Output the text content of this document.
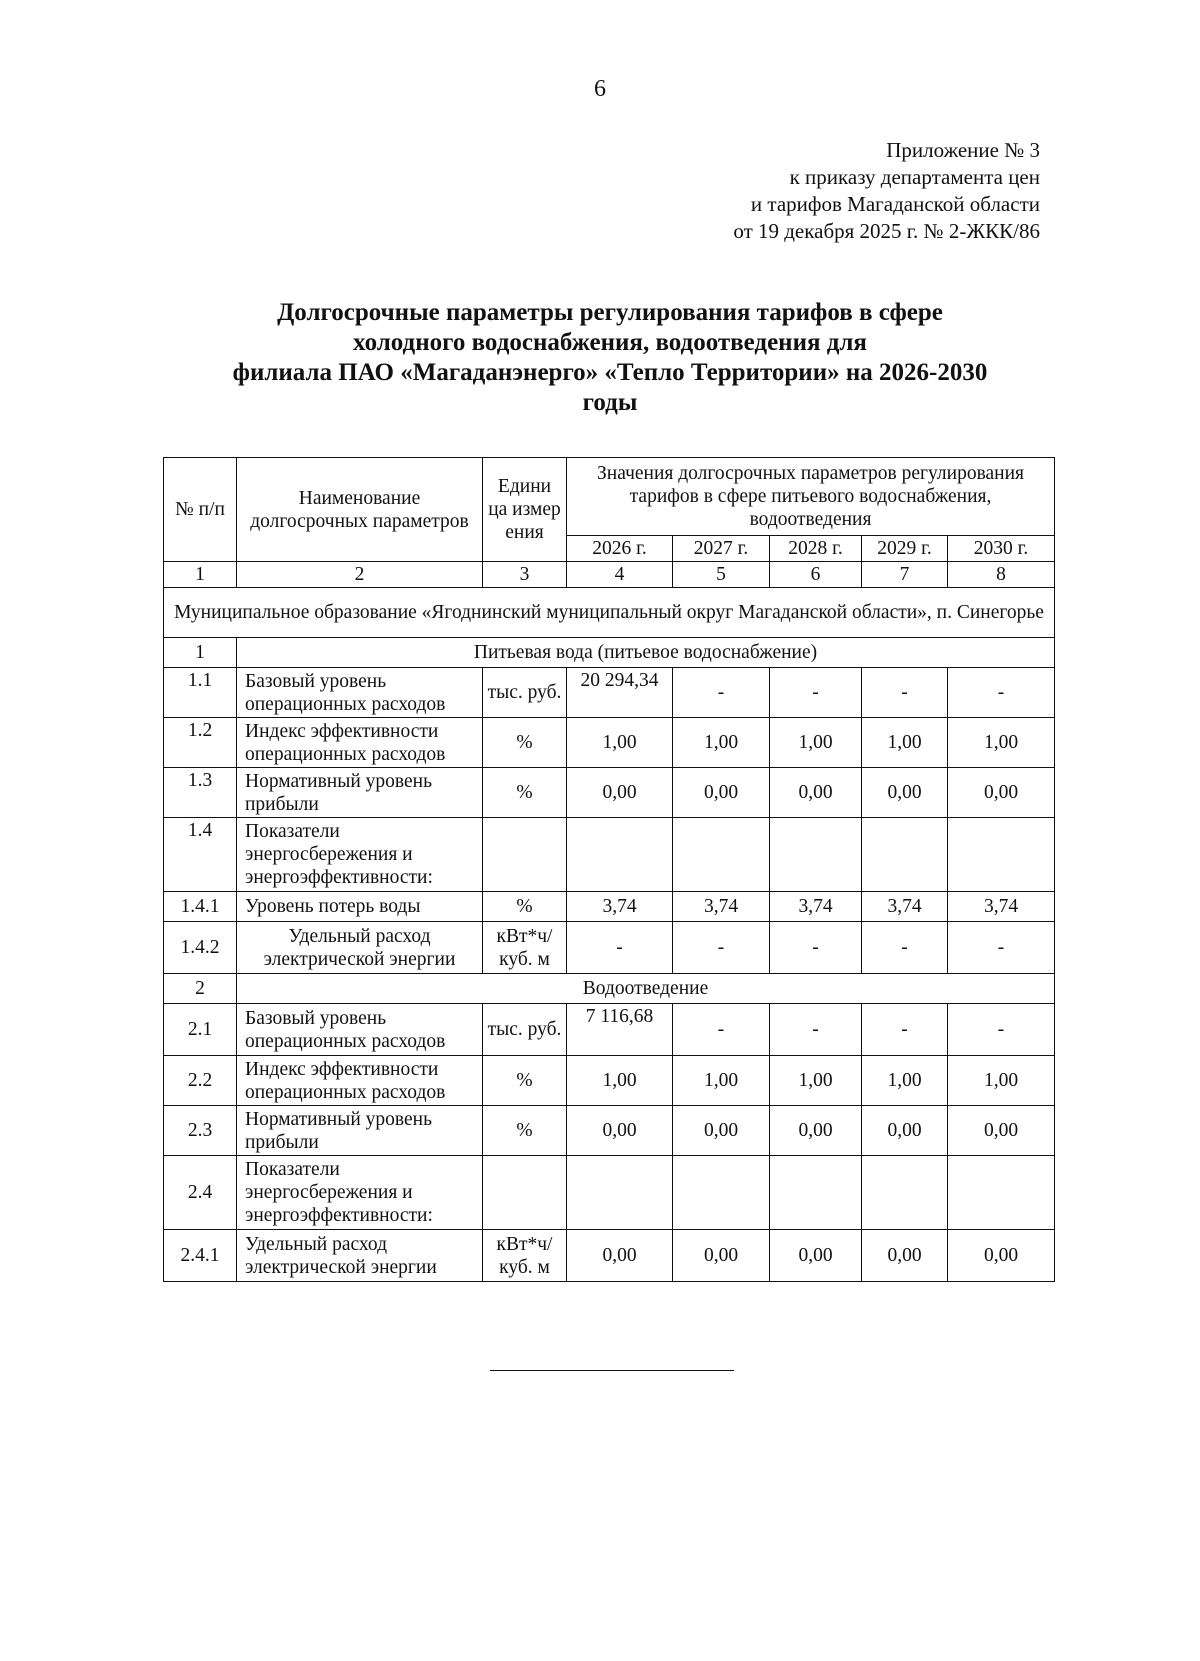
6
Приложение № 3
к приказу департамента цен
и тарифов Магаданской области
от 19 декабря 2025 г. № 2-ЖКК/86
Долгосрочные параметры регулирования тарифов в сфере
холодного водоснабжения, водоотведения для
филиала ПАО «Магаданэнерго» «Тепло Территории» на 2026-2030
годы
№ п/п	Наименование долгосрочных параметров	Едини ца измер ения	Значения долгосрочных параметров регулирования тарифов в сфере питьевого водоснабжения, водоотведения				
			2026 г.	2027 г.	2028 г.	2029 г.	2030 г.
1	2	3	4	5	6	7	8
Муниципальное образование «Ягоднинский муниципальный округ Магаданской области», п. Синегорье							
1	Питьевая вода (питьевое водоснабжение)						
1.1	Базовый уровень операционных расходов	тыс. руб.	20 294,34	-	-	-	-
1.2	Индекс эффективности операционных расходов	%	1,00	1,00	1,00	1,00	1,00
1.3	Нормативный уровень прибыли	%	0,00	0,00	0,00	0,00	0,00
1.4	Показатели энергосбережения и энергоэффективности:						
1.4.1	Уровень потерь воды	%	3,74	3,74	3,74	3,74	3,74
1.4.2	Удельный расход электрической энергии	кВт*ч/ куб. м	-	-	-	-	-
2	Водоотведение						
2.1	Базовый уровень операционных расходов	тыс. руб.	7 116,68	-	-	-	-
2.2	Индекс эффективности операционных расходов	%	1,00	1,00	1,00	1,00	1,00
2.3	Нормативный уровень прибыли	%	0,00	0,00	0,00	0,00	0,00
2.4	Показатели энергосбережения и энергоэффективности:						
2.4.1	Удельный расход электрической энергии	кВт*ч/ куб. м	0,00	0,00	0,00	0,00	0,00
